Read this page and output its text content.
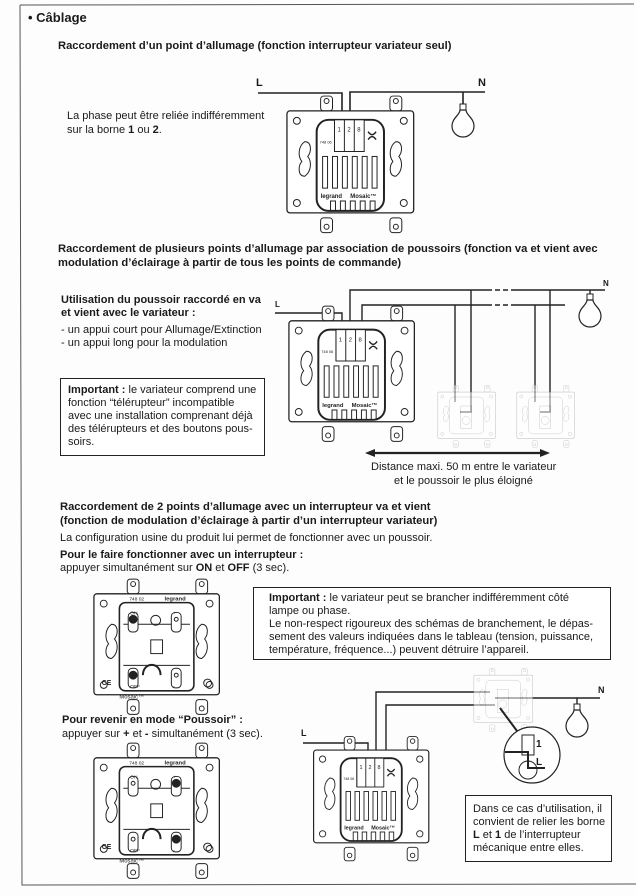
1 2 8
748 06
legrand Mosaic™
1 2 8
748 06
legrand Mosaic™
748 02	legrand
ON	+
OFF	-
CE
Mosaic™
748 02	legrand
ON	+
OFF	-
CE
Mosaic™
1 2 8
748 06
legrand Mosaic™
• Câblage
Raccordement d’un point d’allumage (fonction interrupteur variateur seul)
La phase peut être reliée indifféremment
sur la borne 1 ou 2.
L	N
Raccordement de plusieurs points d’allumage par association de poussoirs (fonction va et vient avec
modulation d’éclairage à partir de tous les points de commande)
Utilisation du poussoir raccordé en va
et vient avec le variateur :
- un appui court pour Allumage/Extinction
- un appui long pour la modulation
Important : le variateur comprend une
fonction “télérupteur” incompatible
avec une installation comprenant déjà
des télérupteurs et des boutons pous-
soirs.
Distance maxi. 50 m entre le variateur
et le poussoir le plus éloigné
L
N
Raccordement de 2 points d’allumage avec un interrupteur va et vient
(fonction de modulation d’éclairage à partir d’un interrupteur variateur)
La configuration usine du produit lui permet de fonctionner avec un poussoir.
Pour le faire fonctionner avec un interrupteur :
appuyer simultanément sur ON et OFF (3 sec).
Pour revenir en mode “Poussoir” :
appuyer sur + et - simultanément (3 sec).
Important : le variateur peut se brancher indifféremment côté
lampe ou phase.
Le non-respect rigoureux des schémas de branchement, le dépas-
sement des valeurs indiquées dans le tableau (tension, puissance,
température, fréquence...) peuvent détruire l’appareil.
Dans ce cas d’utilisation, il
convient de relier les borne
L et 1 de l’interrupteur
mécanique entre elles.
L
N
1
L
